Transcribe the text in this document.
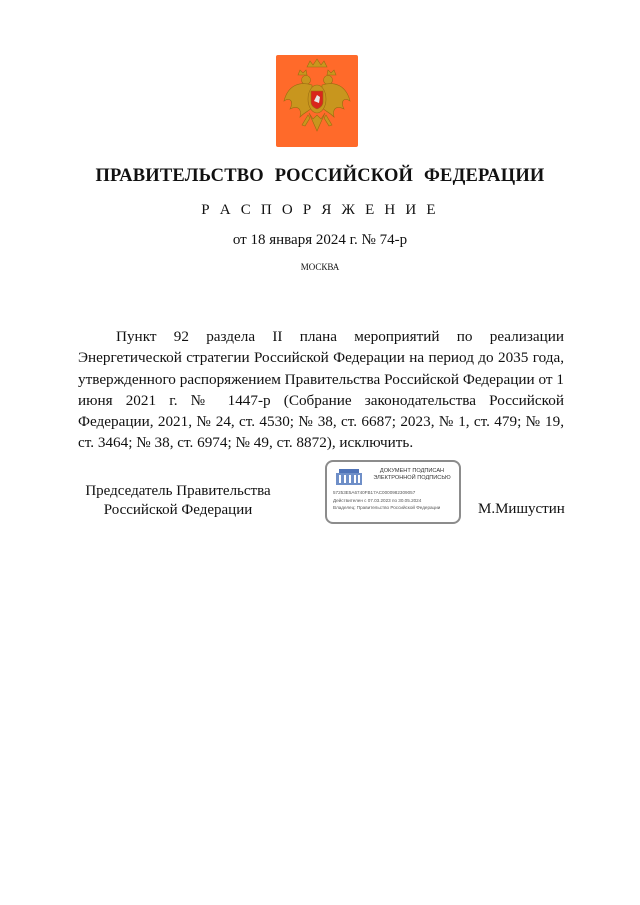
ПРАВИТЕЛЬСТВО РОССИЙСКОЙ ФЕДЕРАЦИИ
Р А С П О Р Я Ж Е Н И Е
от 18 января 2024 г. № 74-р
МОСКВА

Пункт 92 раздела II плана мероприятий по реализации Энергетической стратегии Российской Федерации на период до 2035 года, утвержденного распоряжением Правительства Российской Федерации от 1 июня 2021 г. № 1447-р (Собрание законодательства Российской Федерации, 2021, № 24, ст. 4530; № 38, ст. 6687; 2023, № 1, ст. 479; № 19, ст. 3464; № 38, ст. 6974; № 49, ст. 8872), исключить.

Председатель Правительства
Российской Федерации
ДОКУМЕНТ ПОДПИСАН
ЭЛЕКТРОННОЙ ПОДПИСЬЮ
57253E5A6740FB17AC0000982309057
Действителен с 07.03.2023 по 30.05.2024
Владелец: Правительство Российской Федерации	М.Мишустин
